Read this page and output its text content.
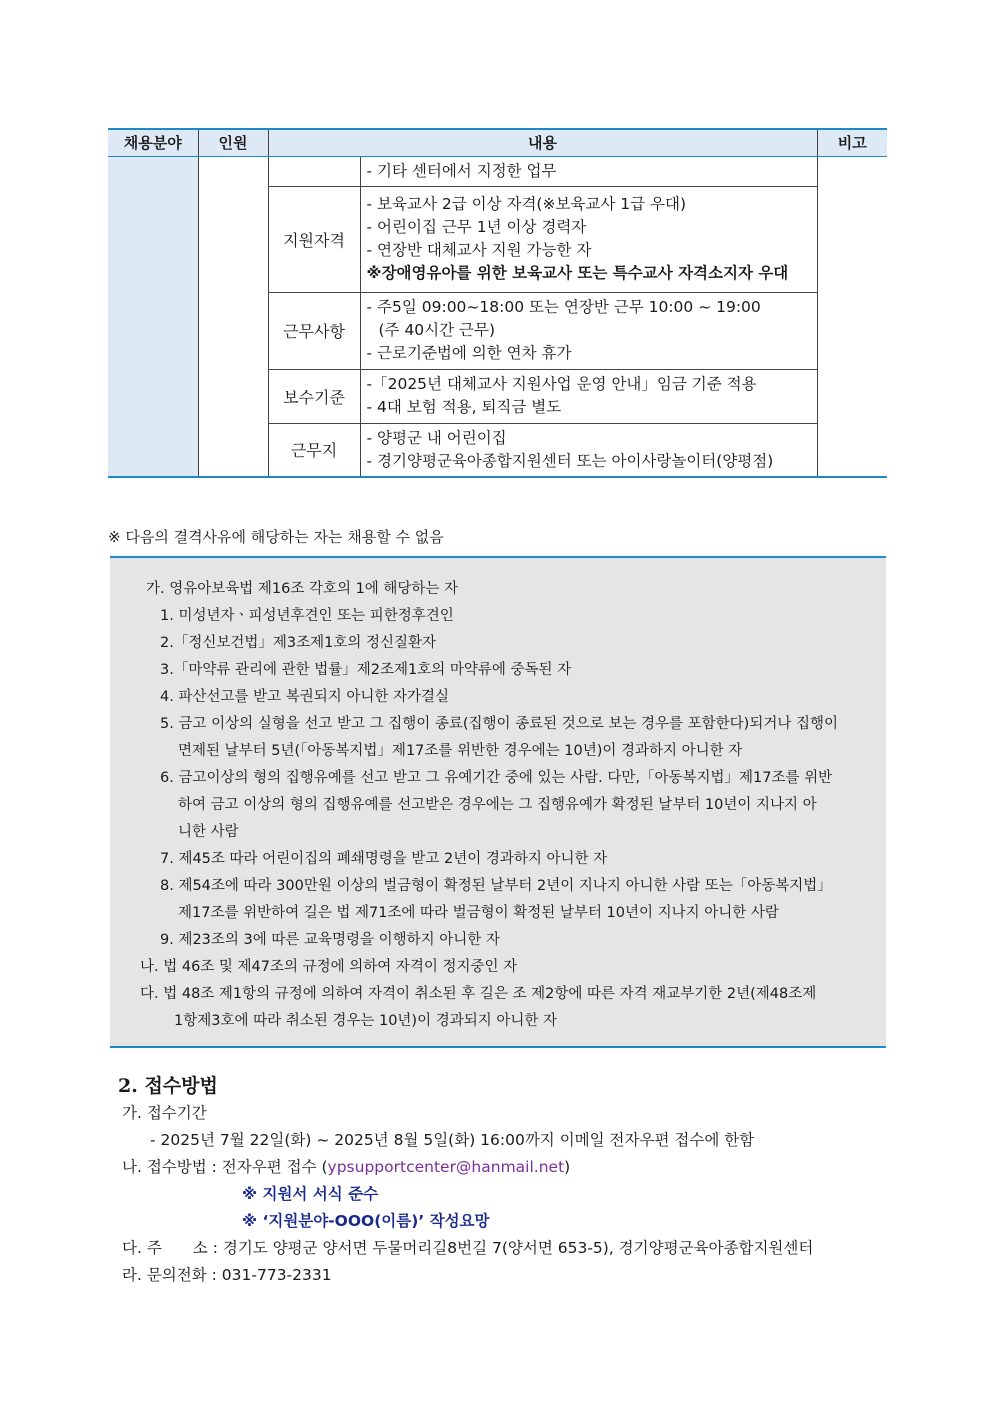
채용분야	인원	내용		비고

			- 기타 센터에서 지정한 업무	

		지원자격	- 보육교사 2급 이상 자격(※보육교사 1급 우대)
- 어린이집 근무 1년 이상 경력자
- 연장반 대체교사 지원 가능한 자
※장애영유아를 위한 보육교사 또는 특수교사 자격소지자 우대	

		근무사항	- 주5일 09:00~18:00 또는 연장반 근무 10:00 ~ 19:00
(주 40시간 근무)
- 근로기준법에 의한 연차 휴가	

		보수기준	-「2025년 대체교사 지원사업 운영 안내」임금 기준 적용
- 4대 보험 적용, 퇴직금 별도	

		근무지	- 양평군 내 어린이집
- 경기양평군육아종합지원센터 또는 아이사랑놀이터(양평점)	
※ 다음의 결격사유에 해당하는 자는 채용할 수 없음
가. 영유아보육법 제16조 각호의 1에 해당하는 자
1. 미성년자ㆍ피성년후견인 또는 피한정후견인
2.「정신보건법」제3조제1호의 정신질환자
3.「마약류 관리에 관한 법률」제2조제1호의 마약류에 중독된 자
4. 파산선고를 받고 복권되지 아니한 자가결실
5. 금고 이상의 실형을 선고 받고 그 집행이 종료(집행이 종료된 것으로 보는 경우를 포함한다)되거나 집행이
면제된 날부터 5년(「아동복지법」제17조를 위반한 경우에는 10년)이 경과하지 아니한 자
6. 금고이상의 형의 집행유예를 선고 받고 그 유예기간 중에 있는 사람. 다만,「아동복지법」제17조를 위반
하여 금고 이상의 형의 집행유예를 선고받은 경우에는 그 집행유예가 확정된 날부터 10년이 지나지 아
니한 사람
7. 제45조 따라 어린이집의 폐쇄명령을 받고 2년이 경과하지 아니한 자
8. 제54조에 따라 300만원 이상의 벌금형이 확정된 날부터 2년이 지나지 아니한 사람 또는「아동복지법」
제17조를 위반하여 길은 법 제71조에 따라 벌금형이 확정된 날부터 10년이 지나지 아니한 사람
9. 제23조의 3에 따른 교육명령을 이행하지 아니한 자
나. 법 46조 및 제47조의 규정에 의하여 자격이 정지중인 자
다. 법 48조 제1항의 규정에 의하여 자격이 취소된 후 길은 조 제2항에 따른 자격 재교부기한 2년(제48조제
1항제3호에 따라 취소된 경우는 10년)이 경과되지 아니한 자
2. 접수방법
가. 접수기간
- 2025년 7월 22일(화) ~ 2025년 8월 5일(화) 16:00까지 이메일 전자우편 접수에 한함
나. 접수방법 : 전자우편 접수 (ypsupportcenter@hanmail.net)
※ 지원서 서식 준수
※ ‘지원분야-OOO(이름)’ 작성요망
다. 주　　소 : 경기도 양평군 양서면 두물머리길8번길 7(양서면 653-5), 경기양평군육아종합지원센터
라. 문의전화 : 031-773-2331
